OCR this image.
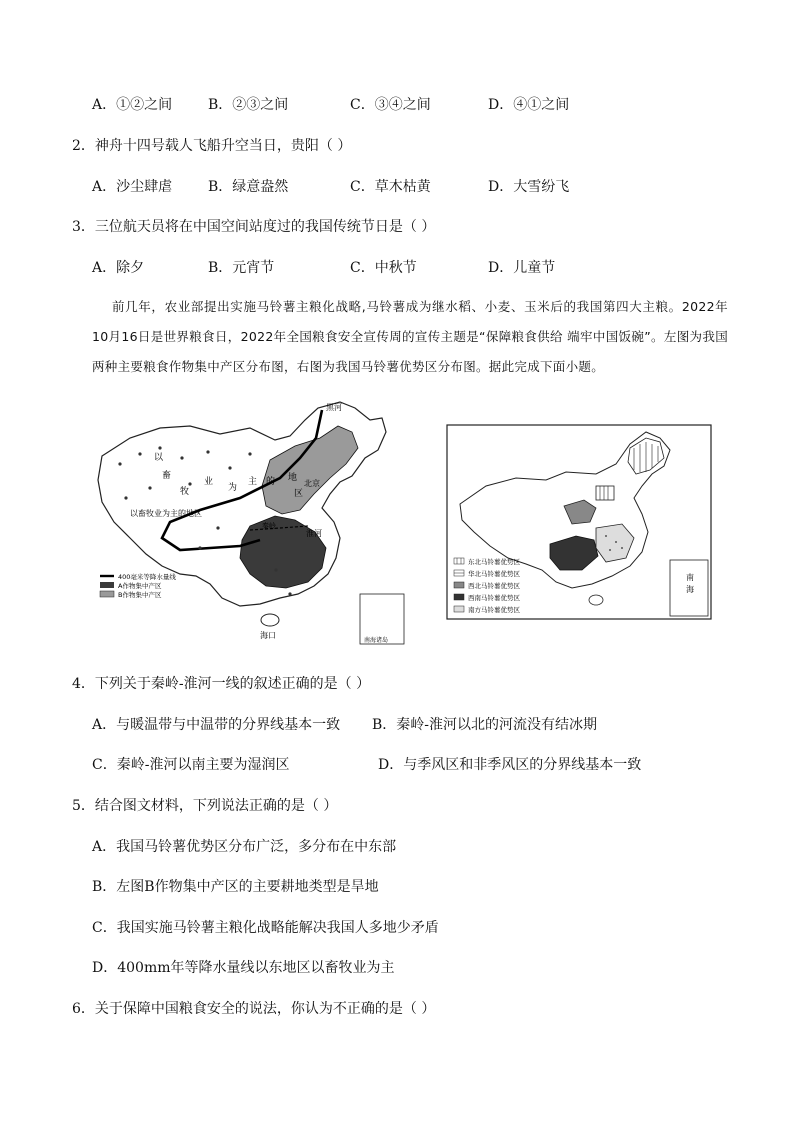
A．①②之间	B．②③之间	C．③④之间	D．④①之间
2．神舟十四号载人飞船升空当日，贵阳（ ）
A．沙尘肆虐	B．绿意盎然	C．草木枯黄	D．大雪纷飞
3．三位航天员将在中国空间站度过的我国传统节日是（ ）
A．除夕	B．元宵节	C．中秋节	D．儿童节

前几年，农业部提出实施马铃薯主粮化战略,马铃薯成为继水稻、小麦、玉米后的我国第四大主粮。2022年10月16日是世界粮食日，2022年全国粮食安全宣传周的宣传主题是“保障粮食供给 端牢中国饭碗”。左图为我国两种主要粮食作物集中产区分布图，右图为我国马铃薯优势区分布图。据此完成下面小题。

黑河
以
畜
牧
业
为
主 的 地
区
北京
以畜牧业为主的地区
秦岭
淮河
海口
南海诸岛
400毫米等降水量线
A作物集中产区
B作物集中产区
南
海
东北马铃薯优势区
华北马铃薯优势区
西北马铃薯优势区
西南马铃薯优势区
南方马铃薯优势区
4．下列关于秦岭-淮河一线的叙述正确的是（ ）
A．与暖温带与中温带的分界线基本一致 B．秦岭-淮河以北的河流没有结冰期
C．秦岭-淮河以南主要为湿润区	D．与季风区和非季风区的分界线基本一致
5．结合图文材料，下列说法正确的是（ ）
A．我国马铃薯优势区分布广泛，多分布在中东部
B．左图B作物集中产区的主要耕地类型是旱地
C．我国实施马铃薯主粮化战略能解决我国人多地少矛盾
D．400mm年等降水量线以东地区以畜牧业为主
6．关于保障中国粮食安全的说法，你认为不正确的是（ ）
